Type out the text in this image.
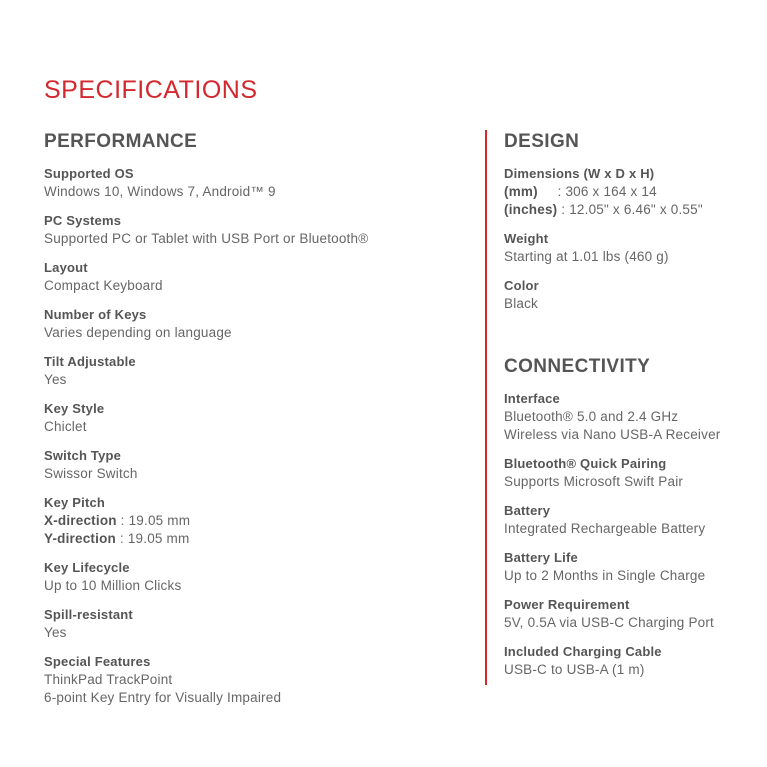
SPECIFICATIONS
PERFORMANCE
Supported OS
Windows 10, Windows 7, Android™ 9
PC Systems
Supported PC or Tablet with USB Port or Bluetooth®
Layout
Compact Keyboard
Number of Keys
Varies depending on language
Tilt Adjustable
Yes
Key Style
Chiclet
Switch Type
Swissor Switch
Key Pitch
X-direction : 19.05 mm
Y-direction : 19.05 mm
Key Lifecycle
Up to 10 Million Clicks
Spill-resistant
Yes
Special Features
ThinkPad TrackPoint
6-point Key Entry for Visually Impaired
DESIGN
Dimensions (W x D x H)
(mm)     : 306 x 164 x 14
(inches) : 12.05" x 6.46" x 0.55"
Weight
Starting at 1.01 lbs (460 g)
Color
Black
CONNECTIVITY
Interface
Bluetooth® 5.0 and 2.4 GHz
Wireless via Nano USB-A Receiver
Bluetooth® Quick Pairing
Supports Microsoft Swift Pair
Battery
Integrated Rechargeable Battery
Battery Life
Up to 2 Months in Single Charge
Power Requirement
5V, 0.5A via USB-C Charging Port
Included Charging Cable
USB-C to USB-A (1 m)
